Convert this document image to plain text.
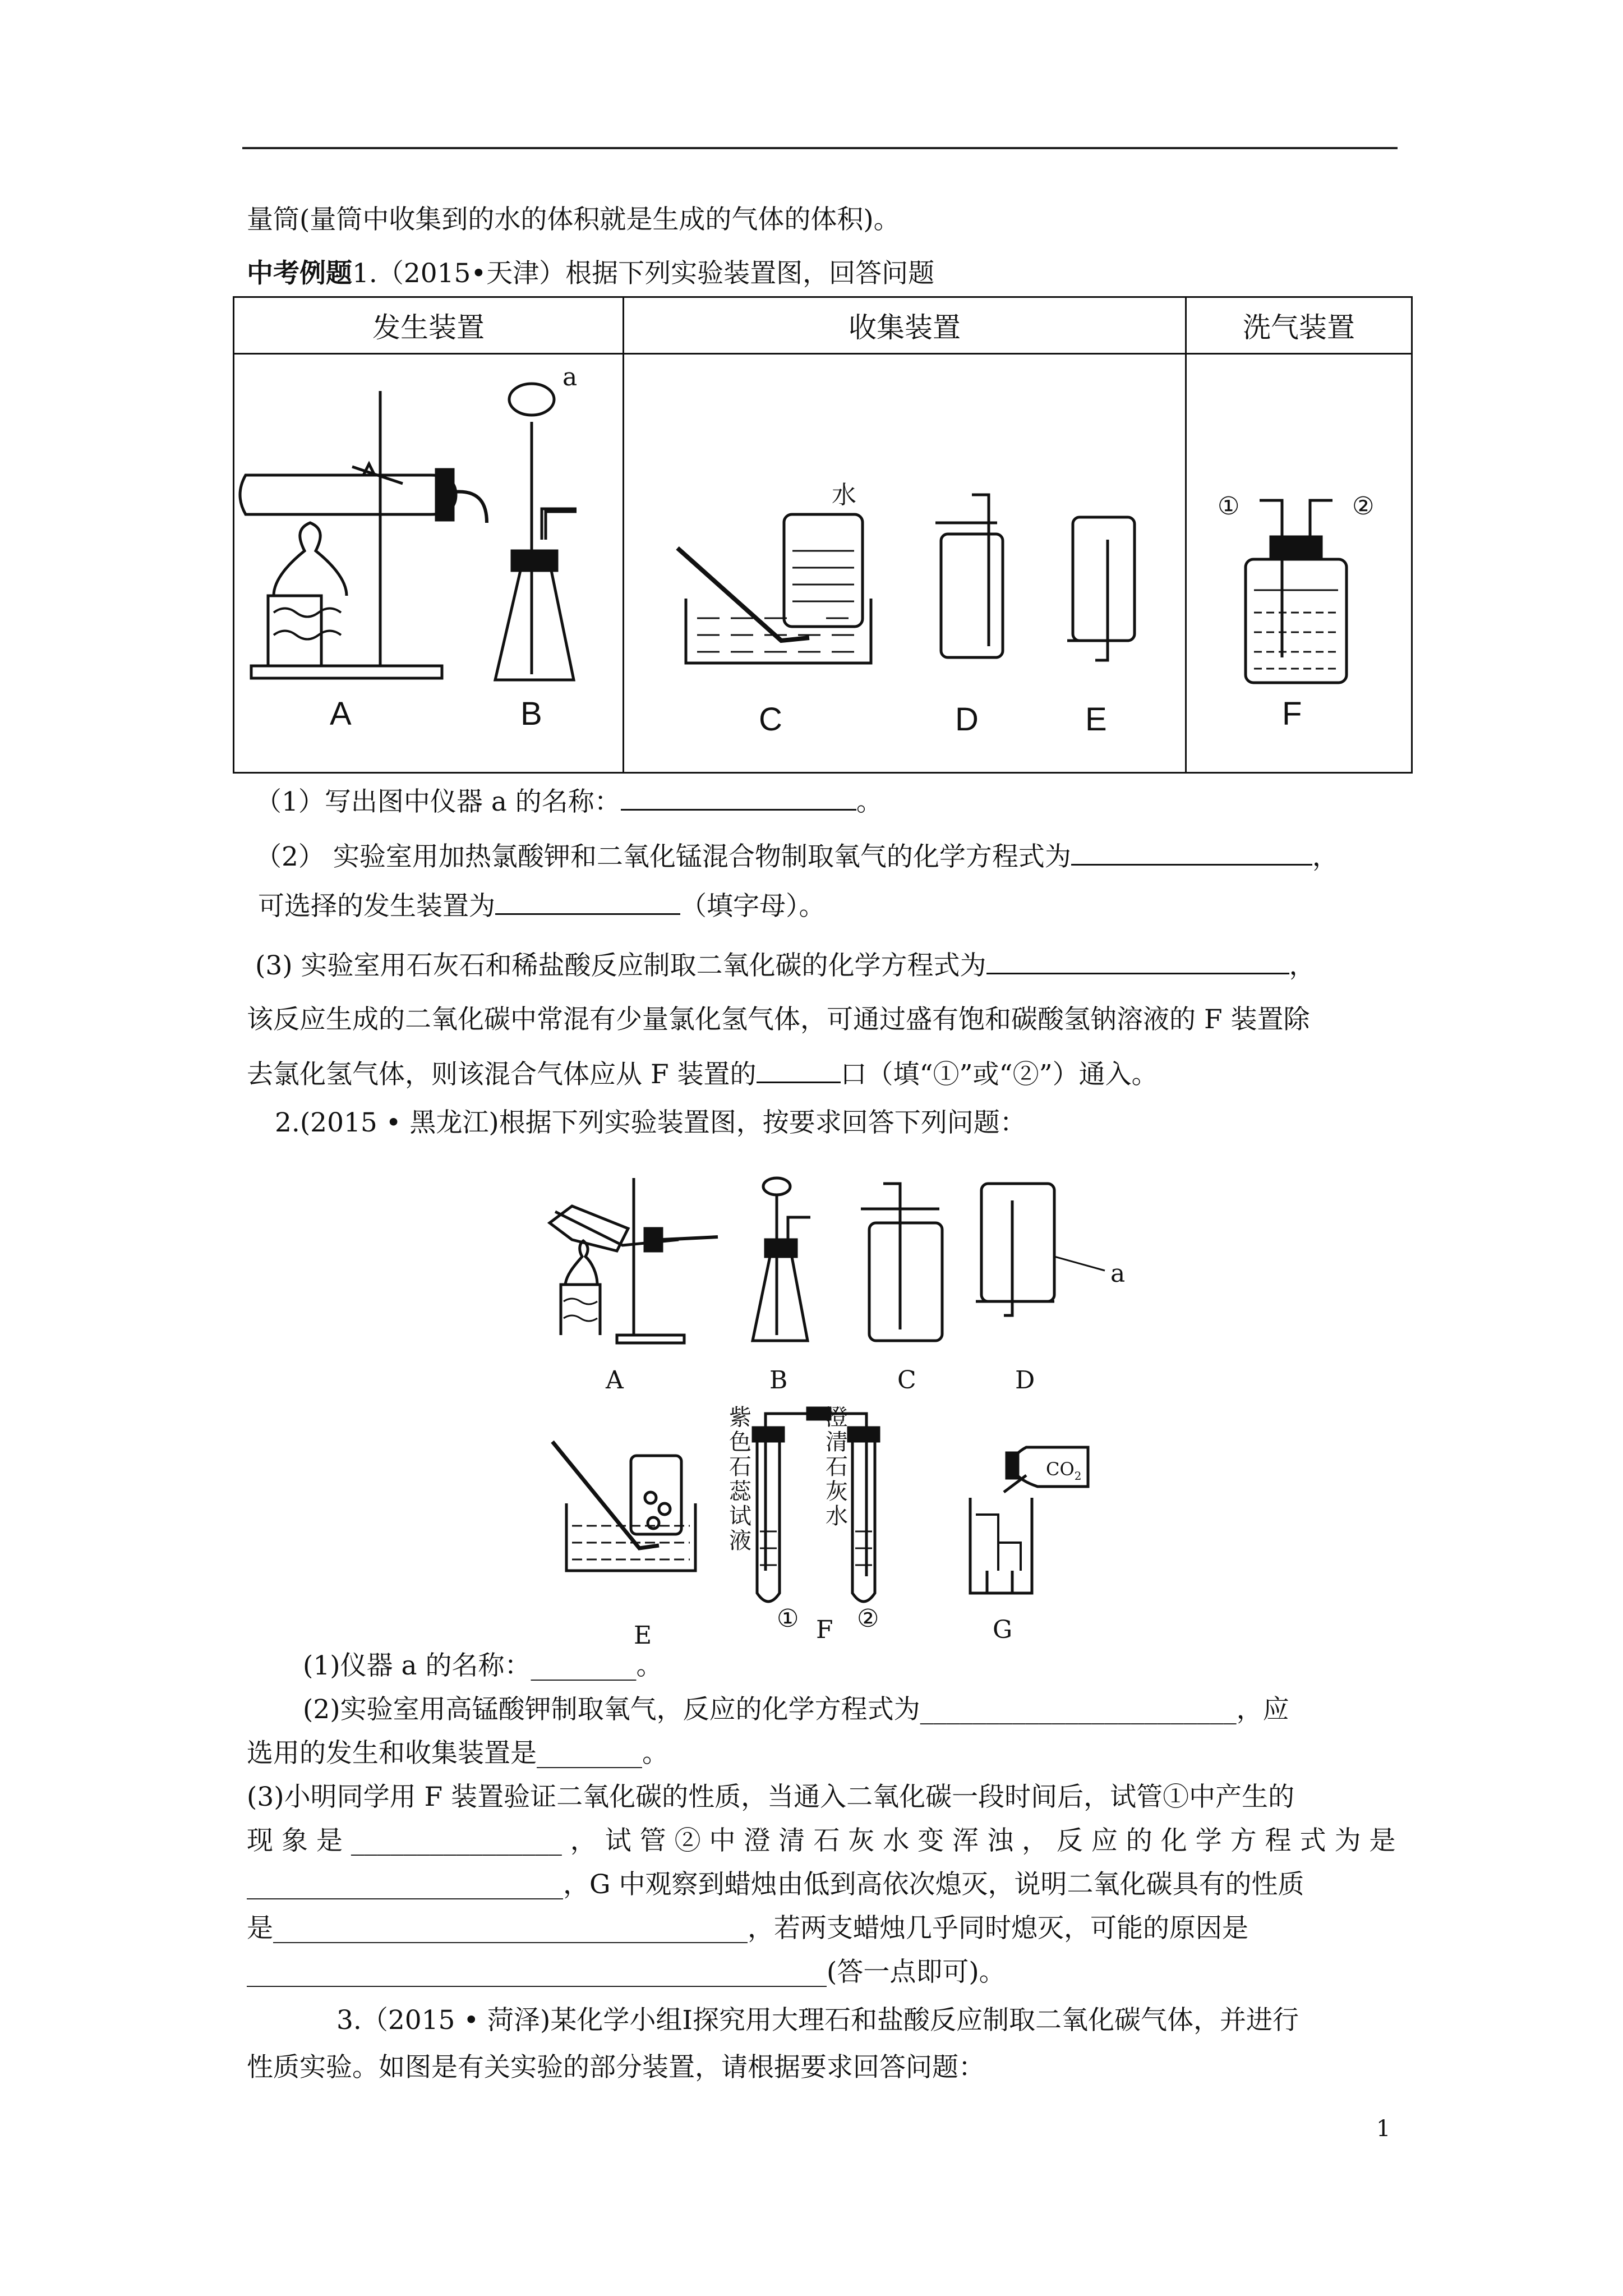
量筒(量筒中收集到的水的体积就是生成的气体的体积)。
中考例题1.（2015•天津）根据下列实验装置图，回答问题
发生装置	收集装置	洗气装置

A
a
B	水
C D E	① ②
F
（1）写出图中仪器 a 的名称：	。
（2） 实验室用加热氯酸钾和二氧化锰混合物制取氧气的化学方程式为	，
可选择的发生装置为	（填字母）。
(3) 实验室用石灰石和稀盐酸反应制取二氧化碳的化学方程式为	，
该反应生成的二氧化碳中常混有少量氯化氢气体，可通过盛有饱和碳酸氢钠溶液的 F 装置除
去氯化氢气体，则该混合气体应从 F 装置的	口（填“①”或“②”）通入。
2.(2015 • 黑龙江)根据下列实验装置图，按要求回答下列问题：
A	B	C
a
D
E
① F ②
$CO_2$
G
紫
色
石
蕊
试
液
澄
清
石
灰
水
(1)仪器 a 的名称：________。
(2)实验室用高锰酸钾制取氧气，反应的化学方程式为________________________，应
选用的发生和收集装置是________。
(3)小明同学用 F 装置验证二氧化碳的性质，当通入二氧化碳一段时间后，试管①中产生的
现 象 是 ________________ ， 试 管 ② 中 澄 清 石 灰 水 变 浑 浊 ， 反 应 的 化 学 方 程 式 为 是
________________________，G 中观察到蜡烛由低到高依次熄灭，说明二氧化碳具有的性质
是____________________________________，若两支蜡烛几乎同时熄灭，可能的原因是
____________________________________________(答一点即可)。
3.（2015 • 菏泽)某化学小组Ⅰ探究用大理石和盐酸反应制取二氧化碳气体，并进行
性质实验。如图是有关实验的部分装置，请根据要求回答问题：
1
